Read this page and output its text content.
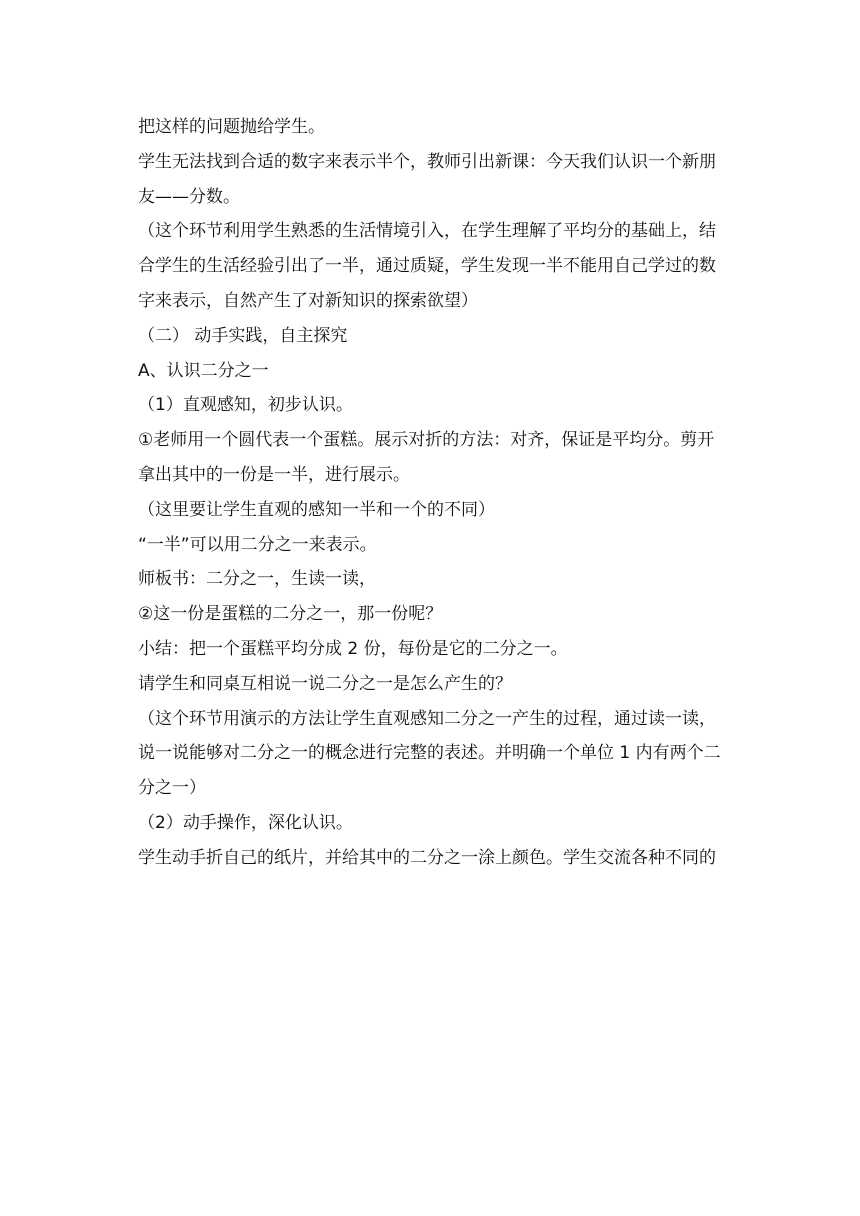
把这样的问题抛给学生。

学生无法找到合适的数字来表示半个，教师引出新课：今天我们认识一个新朋友——分数。

（这个环节利用学生熟悉的生活情境引入，在学生理解了平均分的基础上，结合学生的生活经验引出了一半，通过质疑，学生发现一半不能用自己学过的数字来表示，自然产生了对新知识的探索欲望）

（二） 动手实践，自主探究

A、认识二分之一

（1）直观感知，初步认识。

①老师用一个圆代表一个蛋糕。展示对折的方法：对齐，保证是平均分。剪开拿出其中的一份是一半，进行展示。

（这里要让学生直观的感知一半和一个的不同）

“一半”可以用二分之一来表示。

师板书：二分之一，生读一读，

②这一份是蛋糕的二分之一，那一份呢？

小结：把一个蛋糕平均分成 2 份，每份是它的二分之一。

请学生和同桌互相说一说二分之一是怎么产生的？

（这个环节用演示的方法让学生直观感知二分之一产生的过程，通过读一读，说一说能够对二分之一的概念进行完整的表述。并明确一个单位 1 内有两个二分之一）

（2）动手操作，深化认识。

学生动手折自己的纸片，并给其中的二分之一涂上颜色。学生交流各种不同的
